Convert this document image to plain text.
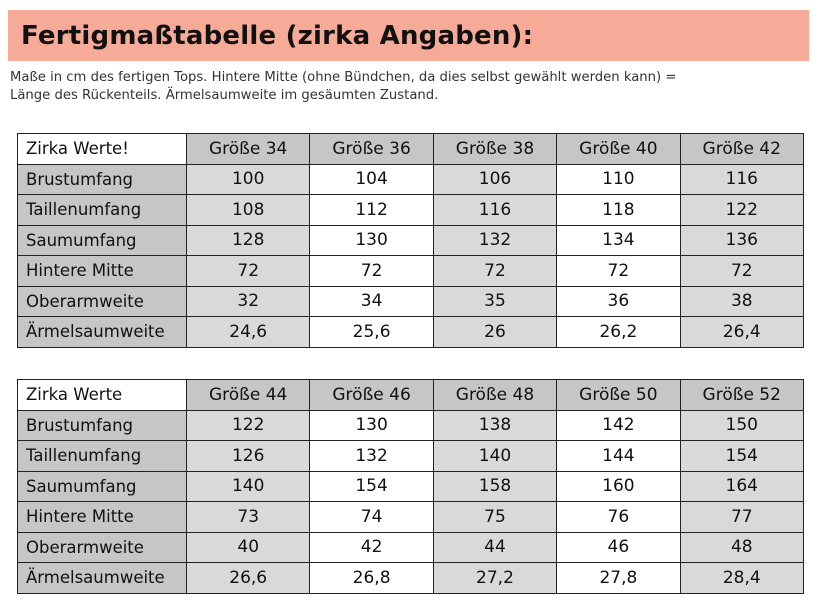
Fertigmaßtabelle (zirka Angaben):

Maße in cm des fertigen Tops. Hintere Mitte (ohne Bündchen, da dies selbst gewählt werden kann) =

Länge des Rückenteils. Ärmelsaumweite im gesäumten Zustand.

Zirka Werte!	Größe 34	Größe 36	Größe 38	Größe 40	Größe 42
Brustumfang	100	104	106	110	116
Taillenumfang	108	112	116	118	122
Saumumfang	128	130	132	134	136
Hintere Mitte	72	72	72	72	72
Oberarmweite	32	34	35	36	38
Ärmelsaumweite	24,6	25,6	26	26,2	26,4
Zirka Werte	Größe 44	Größe 46	Größe 48	Größe 50	Größe 52
Brustumfang	122	130	138	142	150
Taillenumfang	126	132	140	144	154
Saumumfang	140	154	158	160	164
Hintere Mitte	73	74	75	76	77
Oberarmweite	40	42	44	46	48
Ärmelsaumweite	26,6	26,8	27,2	27,8	28,4
